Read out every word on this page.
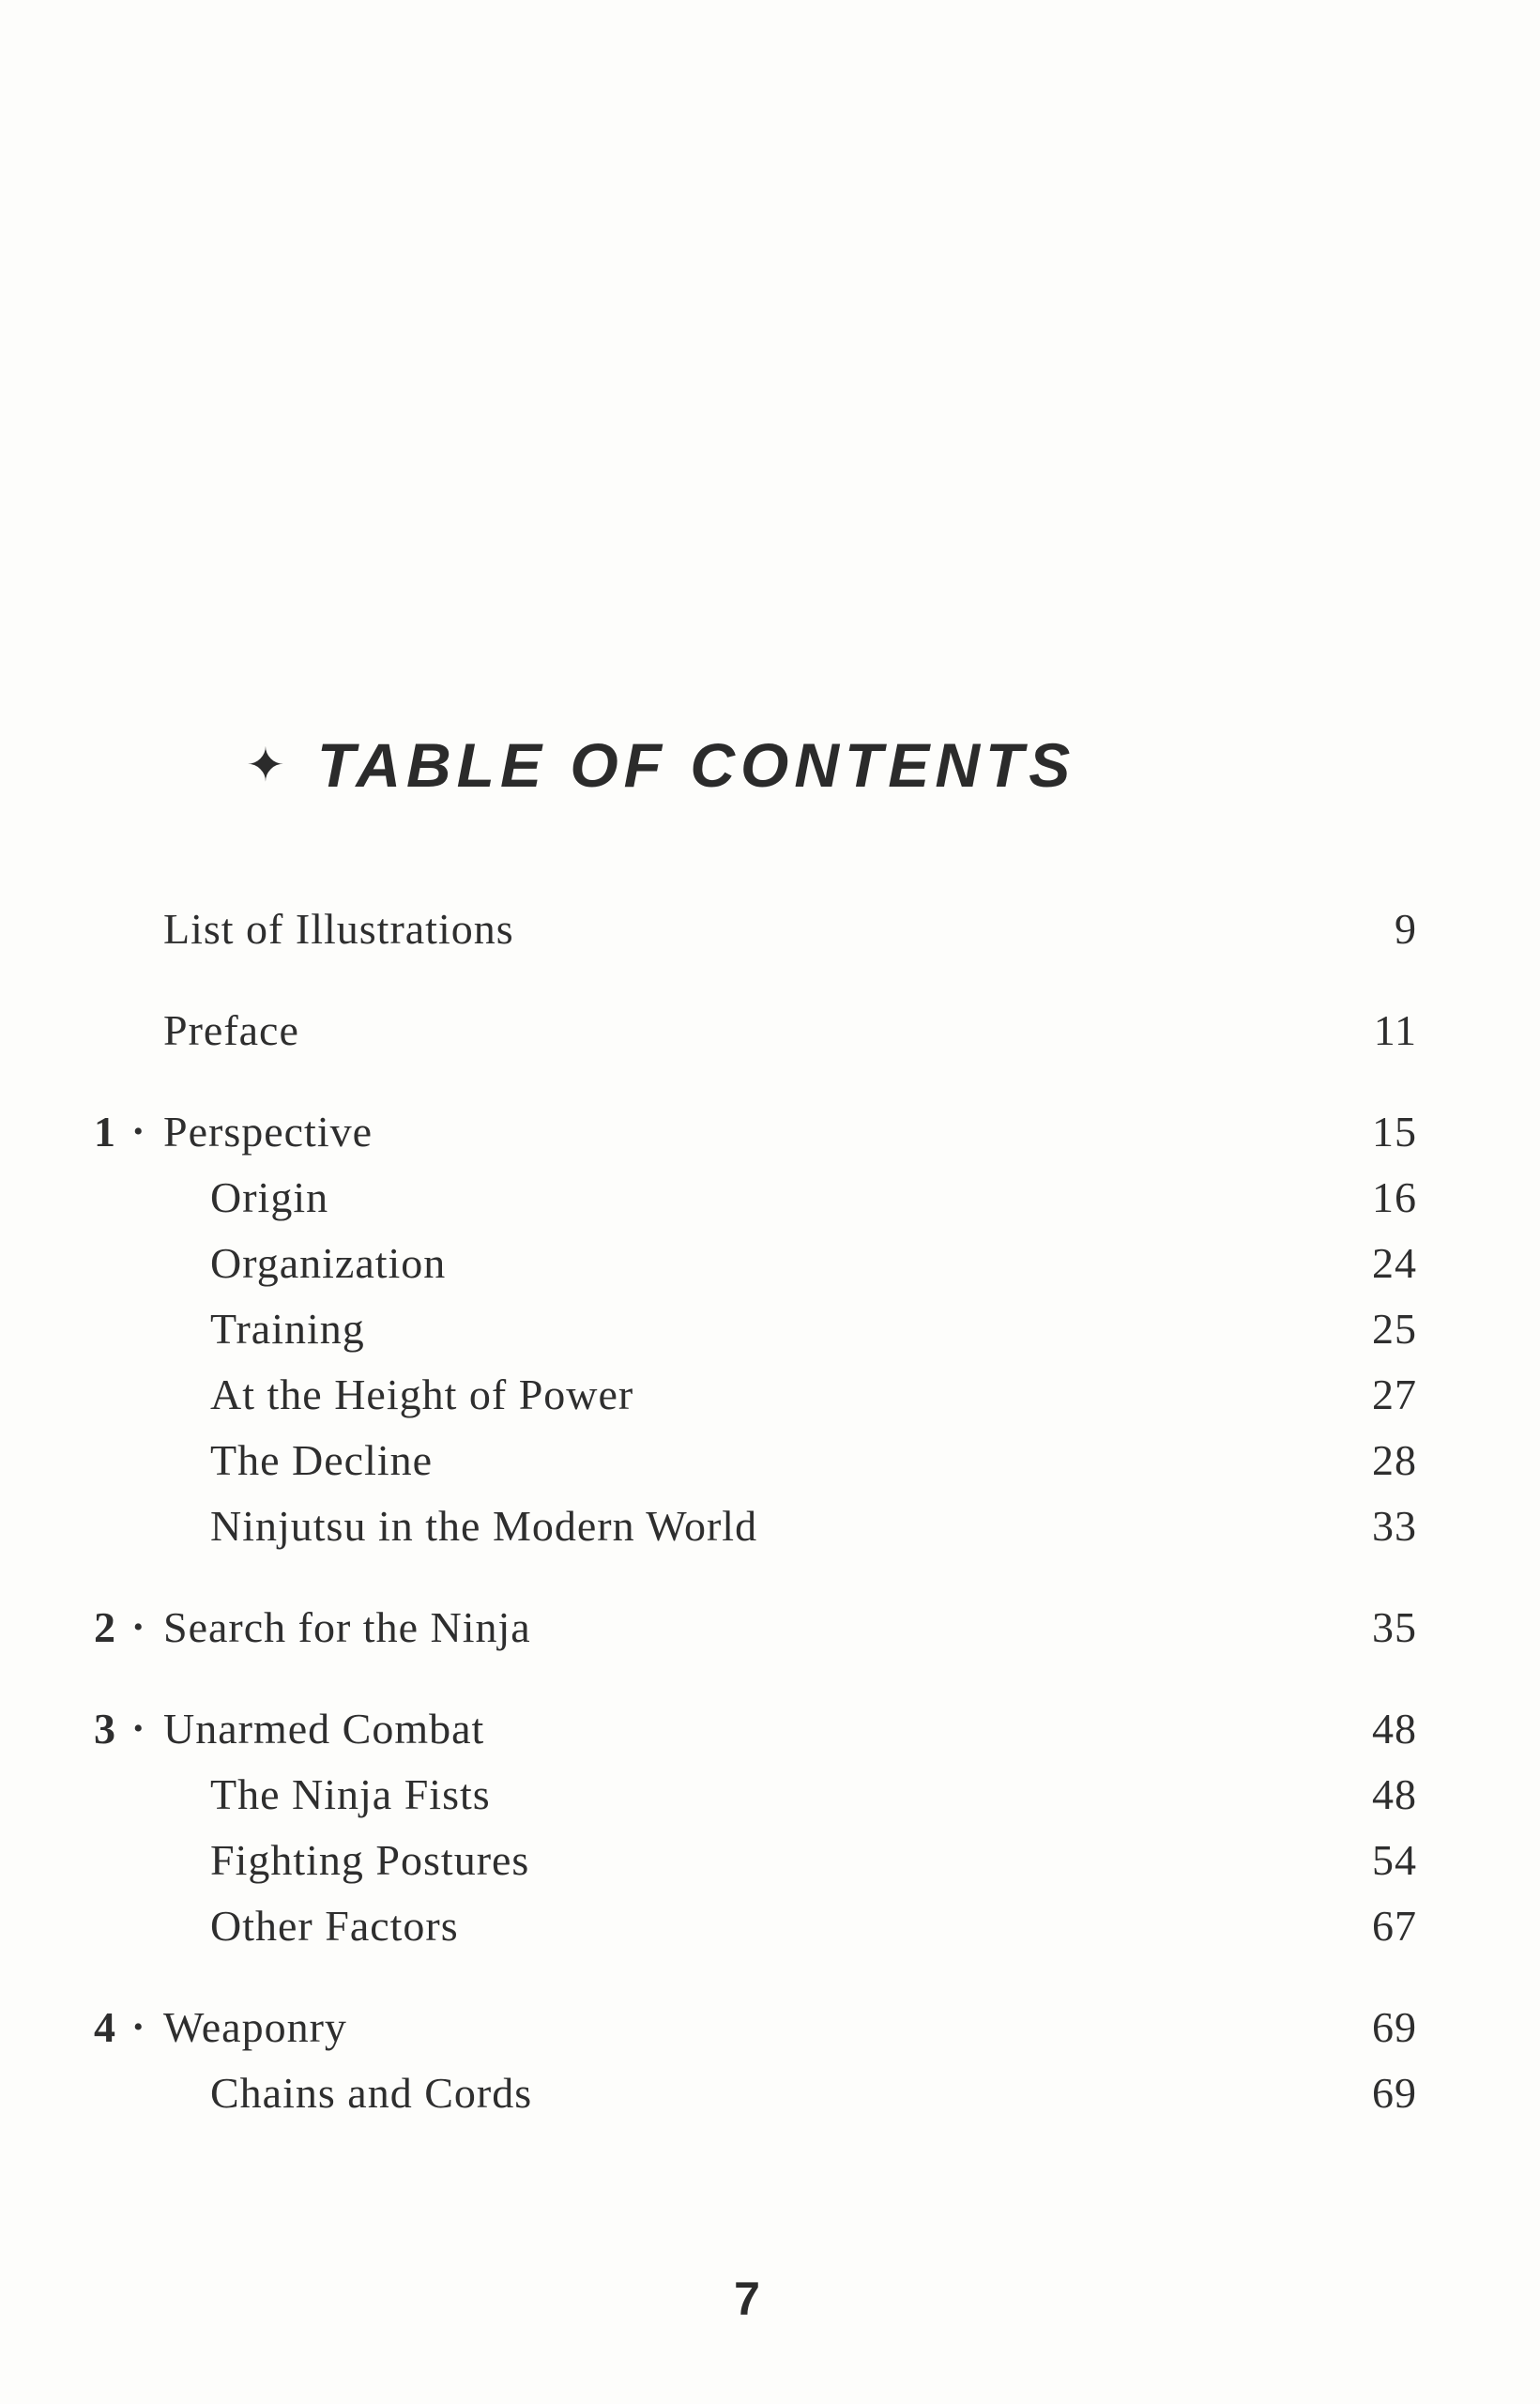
✦ TABLE OF CONTENTS
List of Illustrations	9
Preface	11
1 • Perspective	15
Origin	16
Organization	24
Training	25
At the Height of Power	27
The Decline	28
Ninjutsu in the Modern World	33
2 • Search for the Ninja	35
3 • Unarmed Combat	48
The Ninja Fists	48
Fighting Postures	54
Other Factors	67
4 • Weaponry	69
Chains and Cords	69
7
